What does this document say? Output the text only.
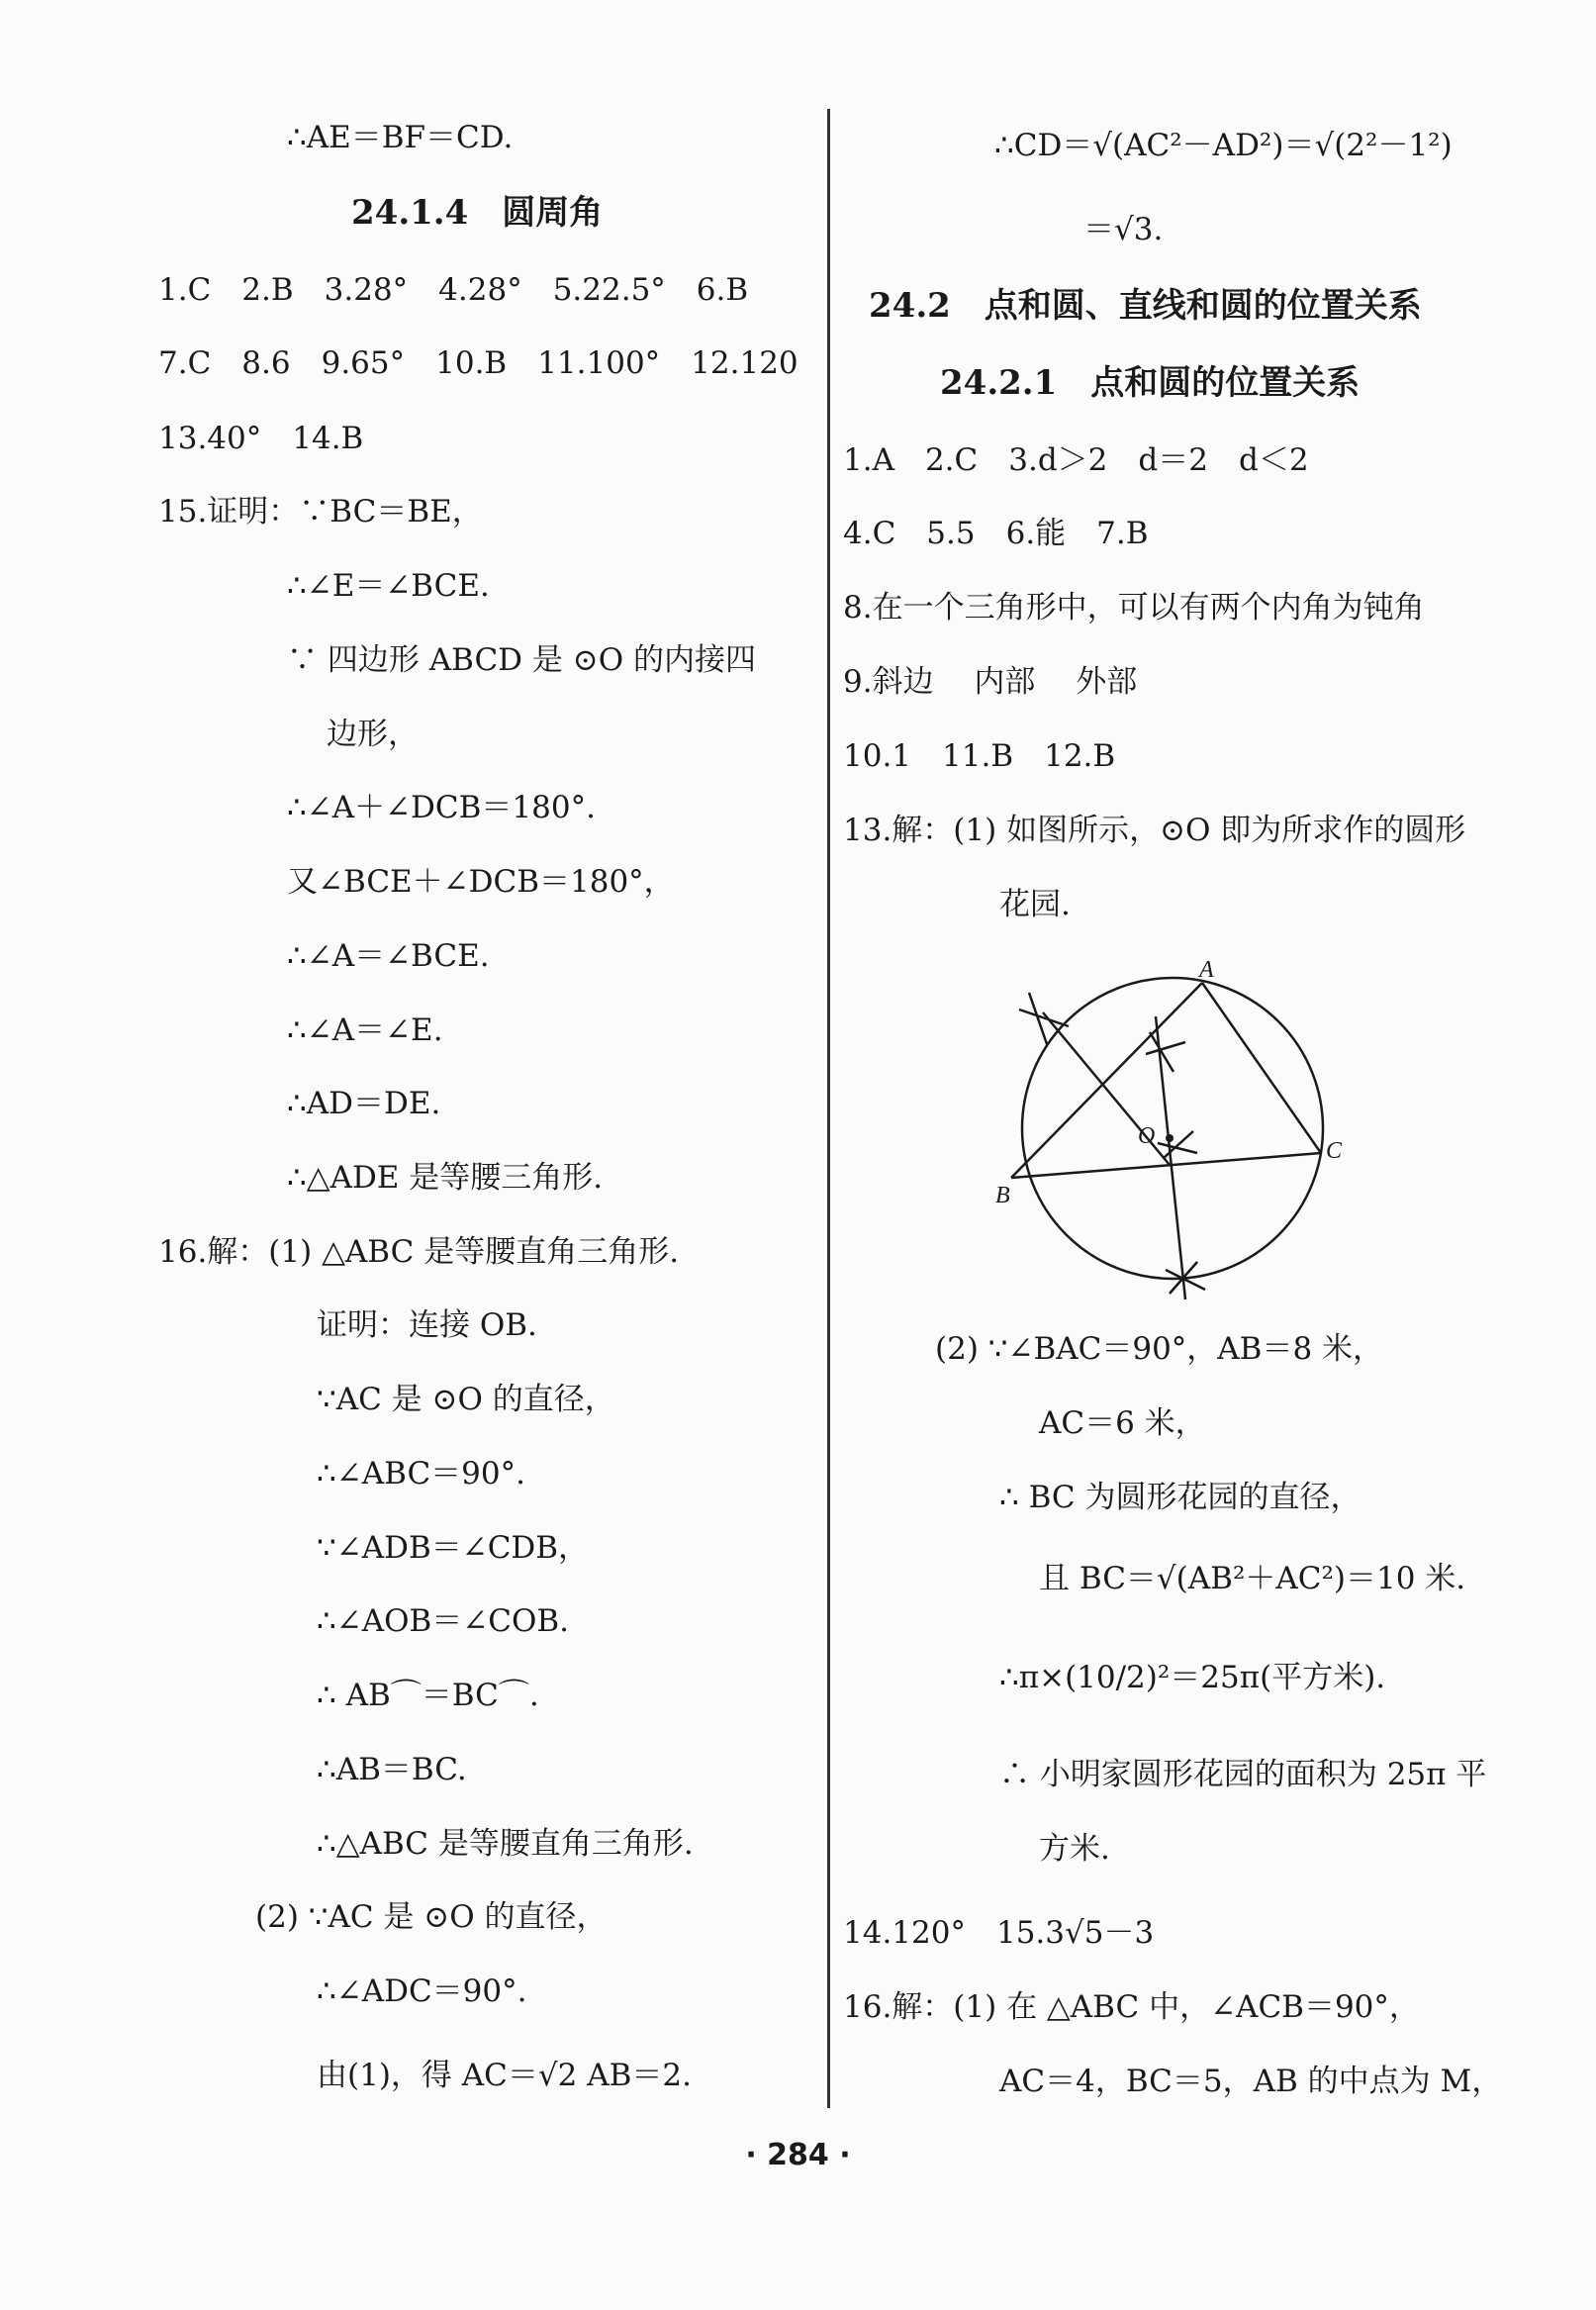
∴AE＝BF＝CD.
24.1.4　圆周角
1.C　2.B　3.28°　4.28°　5.22.5°　6.B
7.C　8.6　9.65°　10.B　11.100°　12.120
13.40°　14.B
15.证明：∵BC＝BE，
∴∠E＝∠BCE.
∵ 四边形 ABCD 是 ⊙O 的内接四
边形，
∴∠A＋∠DCB＝180°.
又∠BCE＋∠DCB＝180°，
∴∠A＝∠BCE.
∴∠A＝∠E.
∴AD＝DE.
∴△ADE 是等腰三角形.
16.解：(1) △ABC 是等腰直角三角形.
证明：连接 OB.
∵AC 是 ⊙O 的直径，
∴∠ABC＝90°.
∵∠ADB＝∠CDB，
∴∠AOB＝∠COB.
∴ AB⌒＝BC⌒.
∴AB＝BC.
∴△ABC 是等腰直角三角形.
(2) ∵AC 是 ⊙O 的直径，
∴∠ADC＝90°.
由(1)，得 AC＝√2 AB＝2.
∴CD＝√(AC²－AD²)＝√(2²－1²)
＝√3.
24.2　点和圆、直线和圆的位置关系
24.2.1　点和圆的位置关系
1.A　2.C　3.d＞2　d＝2　d＜2
4.C　5.5　6.能　7.B
8.在一个三角形中，可以有两个内角为钝角
9.斜边　 内部　 外部
10.1　11.B　12.B
13.解：(1) 如图所示，⊙O 即为所求作的圆形
花园.
A
B
C
O
(2) ∵∠BAC＝90°，AB＝8 米，
AC＝6 米，
∴ BC 为圆形花园的直径，
且 BC＝√(AB²＋AC²)＝10 米.
∴π×(10/2)²＝25π(平方米).
∴ 小明家圆形花园的面积为 25π 平
方米.
14.120°　15.3√5－3
16.解：(1) 在 △ABC 中，∠ACB＝90°，
AC＝4，BC＝5，AB 的中点为 M，
· 284 ·
